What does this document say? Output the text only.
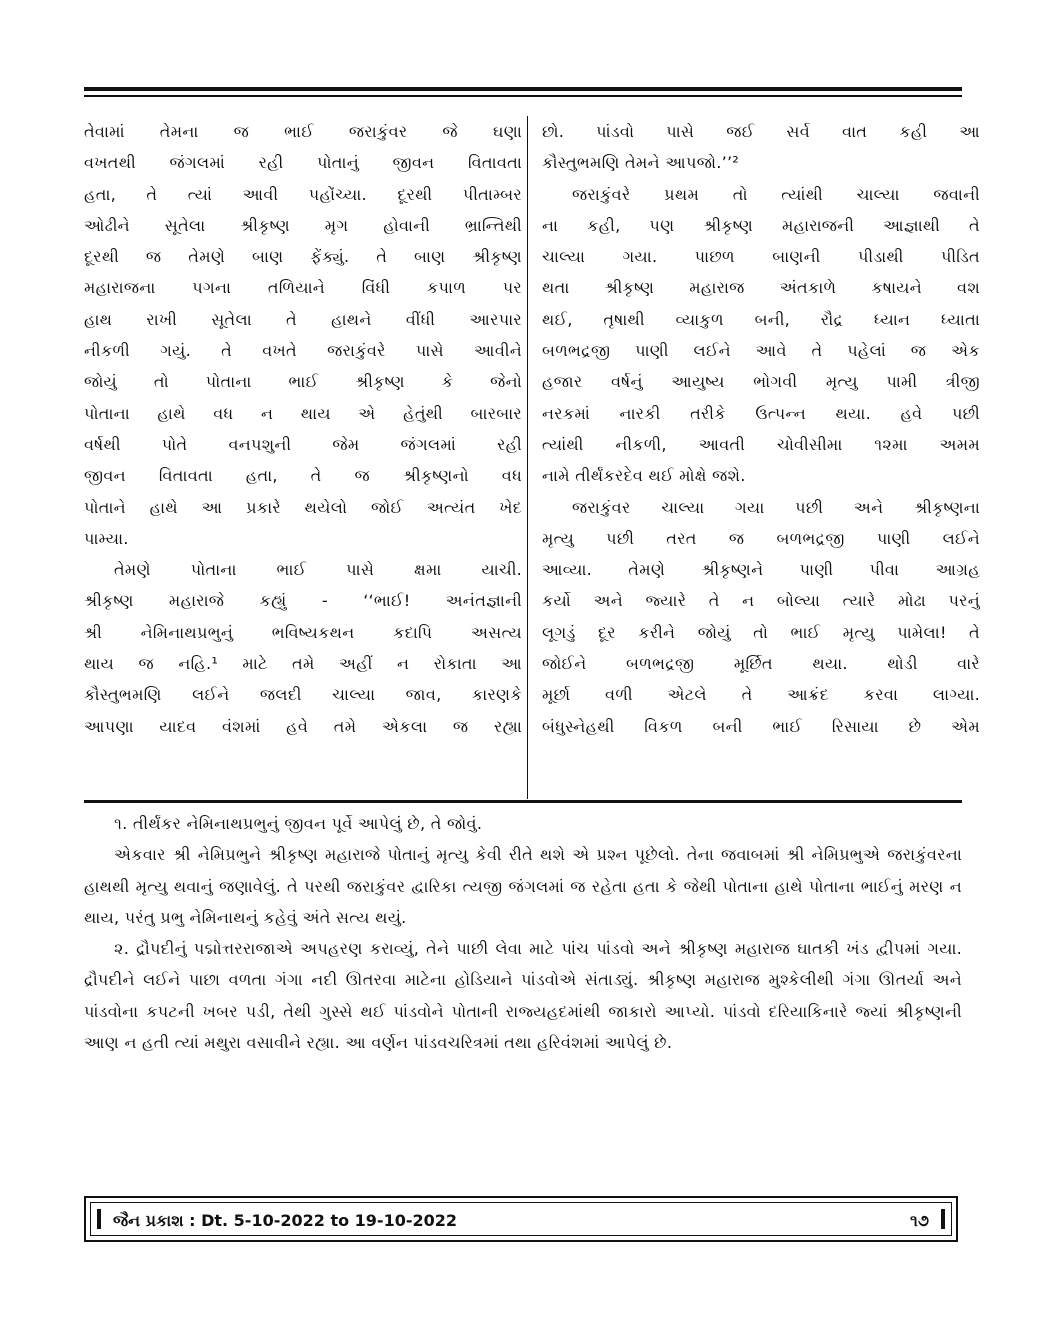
તેવામાં તેમના જ ભાઈ જરાકુંવર જે ઘણા
વખતથી જંગલમાં રહી પોતાનું જીવન વિતાવતા
હતા, તે ત્યાં આવી પહોંચ્યા. દૂરથી પીતામ્બર
ઓઢીને સૂતેલા શ્રીકૃષ્ણ મૃગ હોવાની ભ્રાન્તિથી
દૂરથી જ તેમણે બાણ ફેંક્યું. તે બાણ શ્રીકૃષ્ણ
મહારાજના પગના તળિયાને વિંધી કપાળ પર
હાથ રાખી સૂતેલા તે હાથને વીંધી આરપાર
નીકળી ગયું. તે વખતે જરાકુંવરે પાસે આવીને
જોયું તો પોતાના ભાઈ શ્રીકૃષ્ણ કે જેનો
પોતાના હાથે વધ ન થાય એ હેતુંથી બારબાર
વર્ષથી પોતે વનપશુની જેમ જંગલમાં રહી
જીવન વિતાવતા હતા, તે જ શ્રીકૃષ્ણનો વધ
પોતાને હાથે આ પ્રકારે થયેલો જોઈ અત્યંત ખેદ
પામ્યા.
તેમણે પોતાના ભાઈ પાસે ક્ષમા યાચી.
શ્રીકૃષ્ણ મહારાજે કહ્યું - ‘‘ભાઈ! અનંતજ્ઞાની
શ્રી નેમિનાથપ્રભુનું ભવિષ્યકથન કદાપિ અસત્ય
થાય જ નહિ.¹ માટે તમે અહીં ન રોકાતા આ
કૌસ્તુભમણિ લઈને જલદી ચાલ્યા જાવ, કારણકે
આપણા યાદવ વંશમાં હવે તમે એકલા જ રહ્યા
છો. પાંડવો પાસે જઈ સર્વ વાત કહી આ
કૌસ્તુભમણિ તેમને આપજો.’’²
જરાકુંવરે પ્રથમ તો ત્યાંથી ચાલ્યા જવાની
ના કહી, પણ શ્રીકૃષ્ણ મહારાજની આજ્ઞાથી તે
ચાલ્યા ગયા. પાછળ બાણની પીડાથી પીડિત
થતા શ્રીકૃષ્ણ મહારાજ અંતકાળે કષાયને વશ
થઈ, તૃષાથી વ્યાકુળ બની, રૌદ્ર ધ્યાન ધ્યાતા
બળભદ્રજી પાણી લઈને આવે તે પહેલાં જ એક
હજાર વર્ષનું આયુષ્ય ભોગવી મૃત્યુ પામી ત્રીજી
નરકમાં નારકી તરીકે ઉત્પન્ન થયા. હવે પછી
ત્યાંથી નીકળી, આવતી ચોવીસીમા ૧૨મા અમમ
નામે તીર્થંકરદેવ થઈ મોક્ષે જશે.
જરાકુંવર ચાલ્યા ગયા પછી અને શ્રીકૃષ્ણના
મૃત્યુ પછી તરત જ બળભદ્રજી પાણી લઈને
આવ્યા. તેમણે શ્રીકૃષ્ણને પાણી પીવા આગ્રહ
કર્યો અને જ્યારે તે ન બોલ્યા ત્યારે મોઢા પરનું
લૂગડું દૂર કરીને જોયું તો ભાઈ મૃત્યુ પામેલા! તે
જોઈને બળભદ્રજી મૂર્છિત થયા. થોડી વારે
મૂર્છા વળી એટલે તે આક્રંદ કરવા લાગ્યા.
બંધુસ્નેહથી વિકળ બની ભાઈ રિસાયા છે એમ

૧. તીર્થંકર નેમિનાથપ્રભુનું જીવન પૂર્વે આપેલું છે, તે જોવું.

એકવાર શ્રી નેમિપ્રભુને શ્રીકૃષ્ણ મહારાજે પોતાનું મૃત્યુ કેવી રીતે થશે એ પ્રશ્ન પૂછેલો. તેના જવાબમાં શ્રી નેમિપ્રભુએ જરાકુંવરના હાથથી મૃત્યુ થવાનું જણાવેલું. તે પરથી જરાકુંવર દ્વારિકા ત્યજી જંગલમાં જ રહેતા હતા કે જેથી પોતાના હાથે પોતાના ભાઈનું મરણ ન થાય, પરંતુ પ્રભુ નેમિનાથનું કહેવું અંતે સત્ય થયું.

૨. દ્રૌપદીનું પદ્મોત્તરરાજાએ અપહરણ કરાવ્યું, તેને પાછી લેવા માટે પાંચ પાંડવો અને શ્રીકૃષ્ણ મહારાજ ઘાતકી ખંડ દ્વીપમાં ગયા. દ્રૌપદીને લઈને પાછા વળતા ગંગા નદી ઊતરવા માટેના હોડિયાને પાંડવોએ સંતાડ્યું. શ્રીકૃષ્ણ મહારાજ મુશ્કેલીથી ગંગા ઊતર્યા અને પાંડવોના કપટની ખબર પડી, તેથી ગુસ્સે થઈ પાંડવોને પોતાની રાજ્યહદમાંથી જાકારો આપ્યો. પાંડવો દરિયાકિનારે જ્યાં શ્રીકૃષ્ણની આણ ન હતી ત્યાં મથુરા વસાવીને રહ્યા. આ વર્ણન પાંડવચરિત્રમાં તથા હરિવંશમાં આપેલું છે.

જૈન પ્રકાશ : Dt. 5-10-2022 to 19-10-2022	૧૭
